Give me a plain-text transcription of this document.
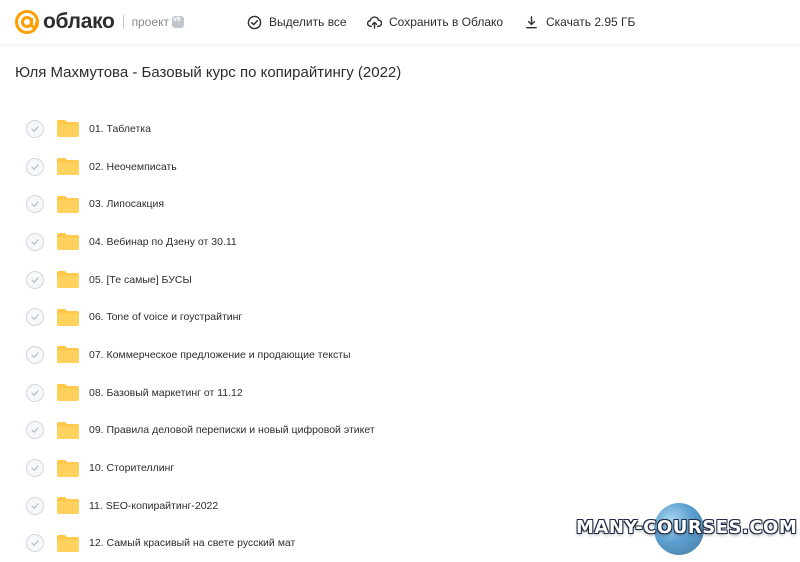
облако проект
vk	Выделить все	Сохранить в Облако	Скачать 2.95 ГБ
Юля Махмутова - Базовый курс по копирайтингу (2022)
01. Таблетка
02. Неочемписать
03. Липосакция
04. Вебинар по Дзену от 30.11
05. [Те самые] БУСЫ
06. Tone of voice и гоустрайтинг
07. Коммерческое предложение и продающие тексты
08. Базовый маркетинг от 11.12
09. Правила деловой переписки и новый цифровой этикет
10. Сторителлинг
11. SEO-копирайтинг-2022
12. Самый красивый на свете русский мат
MANY-COURSES.COM
